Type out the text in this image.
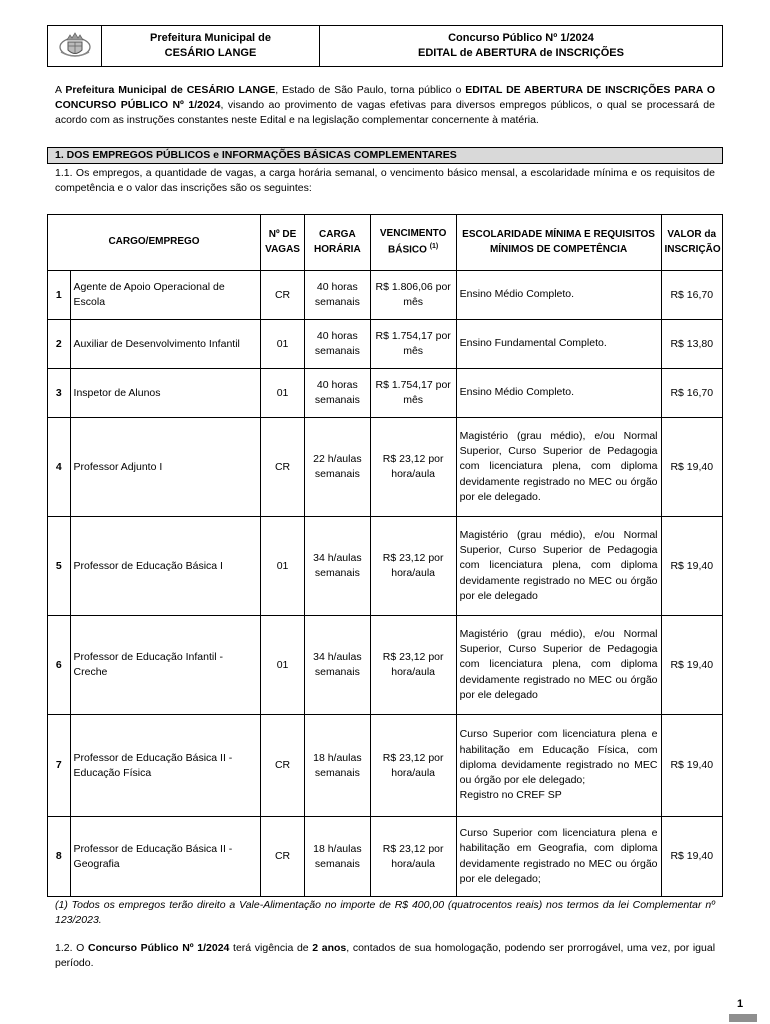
Prefeitura Municipal de
CESÁRIO LANGE
Concurso Público Nº 1/2024
EDITAL de ABERTURA de INSCRIÇÕES
A Prefeitura Municipal de CESÁRIO LANGE, Estado de São Paulo, torna público o EDITAL DE ABERTURA DE INSCRIÇÕES PARA O CONCURSO PÚBLICO Nº 1/2024, visando ao provimento de vagas efetivas para diversos empregos públicos, o qual se processará de acordo com as instruções constantes neste Edital e na legislação complementar concernente à matéria.
1. DOS EMPREGOS PÚBLICOS e INFORMAÇÕES BÁSICAS COMPLEMENTARES
1.1. Os empregos, a quantidade de vagas, a carga horária semanal, o vencimento básico mensal, a escolaridade mínima e os requisitos de competência e o valor das inscrições são os seguintes:
CARGO/EMPREGO		Nº DE VAGAS	CARGA HORÁRIA	VENCIMENTO BÁSICO $^{(1)}$	ESCOLARIDADE MÍNIMA E REQUISITOS MÍNIMOS DE COMPETÊNCIA	VALOR da INSCRIÇÃO
1	Agente de Apoio Operacional de Escola	CR	40 horas semanais	R$ 1.806,06 por mês	Ensino Médio Completo.	R$ 16,70
2	Auxiliar de Desenvolvimento Infantil	01	40 horas semanais	R$ 1.754,17 por mês	Ensino Fundamental Completo.	R$ 13,80
3	Inspetor de Alunos	01	40 horas semanais	R$ 1.754,17 por mês	Ensino Médio Completo.	R$ 16,70
4	Professor Adjunto I	CR	22 h/aulas semanais	R$ 23,12 por hora/aula	Magistério (grau médio), e/ou Normal Superior, Curso Superior de Pedagogia com licenciatura plena, com diploma devidamente registrado no MEC ou órgão por ele delegado.	R$ 19,40
5	Professor de Educação Básica I	01	34 h/aulas semanais	R$ 23,12 por hora/aula	Magistério (grau médio), e/ou Normal Superior, Curso Superior de Pedagogia com licenciatura plena, com diploma devidamente registrado no MEC ou órgão por ele delegado	R$ 19,40
6	Professor de Educação Infantil - Creche	01	34 h/aulas semanais	R$ 23,12 por hora/aula	Magistério (grau médio), e/ou Normal Superior, Curso Superior de Pedagogia com licenciatura plena, com diploma devidamente registrado no MEC ou órgão por ele delegado	R$ 19,40
7	Professor de Educação Básica II - Educação Física	CR	18 h/aulas semanais	R$ 23,12 por hora/aula	Curso Superior com licenciatura plena e habilitação em Educação Física, com diploma devidamente registrado no MEC ou órgão por ele delegado;
Registro no CREF SP	R$ 19,40
8	Professor de Educação Básica II - Geografia	CR	18 h/aulas semanais	R$ 23,12 por hora/aula	Curso Superior com licenciatura plena e habilitação em Geografia, com diploma devidamente registrado no MEC ou órgão por ele delegado;	R$ 19,40
(1) Todos os empregos terão direito a Vale-Alimentação no importe de R$ 400,00 (quatrocentos reais) nos termos da lei Complementar nº 123/2023.
1.2. O Concurso Público Nº 1/2024 terá vigência de 2 anos, contados de sua homologação, podendo ser prorrogável, uma vez, por igual período.
1
